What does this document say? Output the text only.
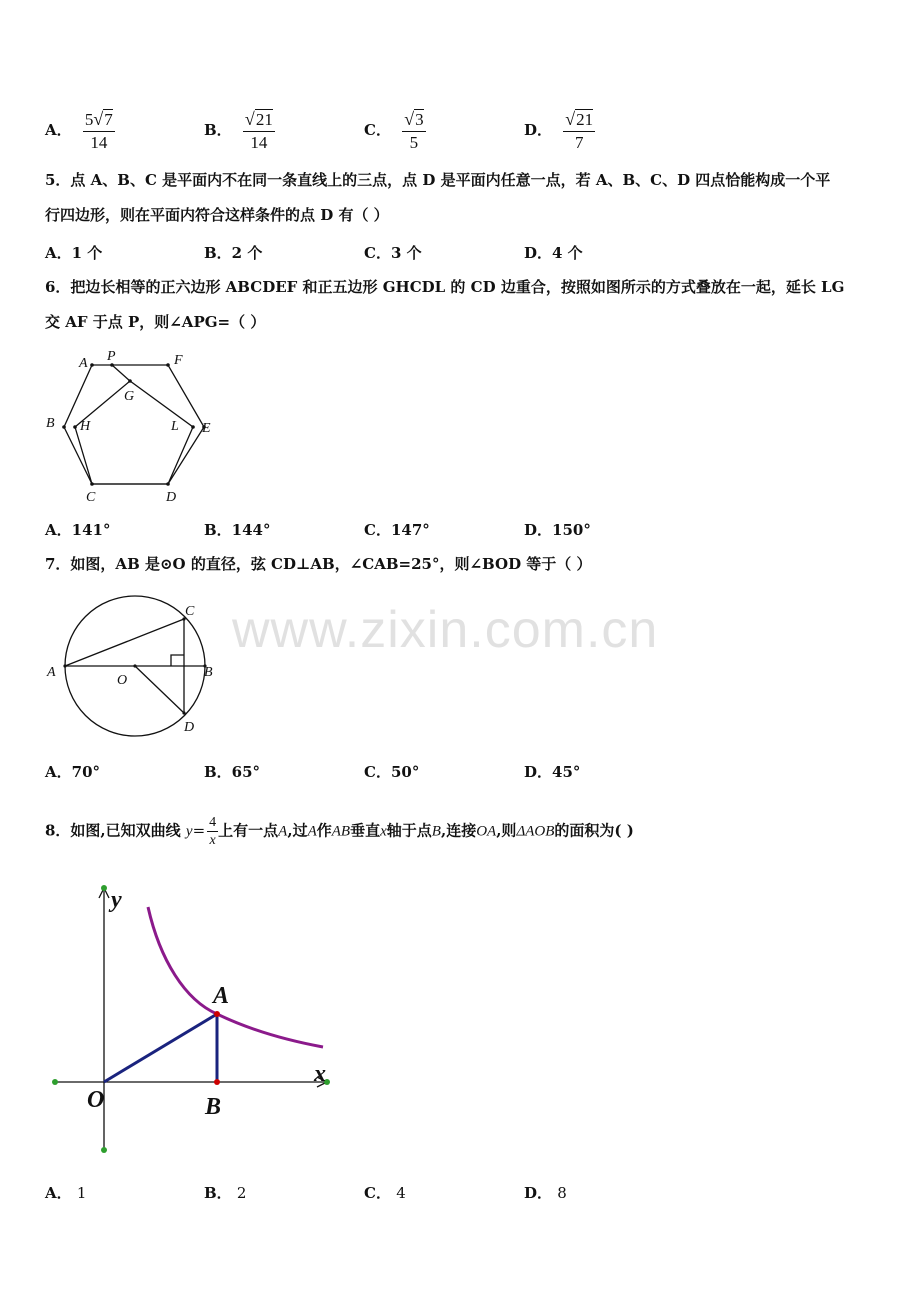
A． $\frac{5√7}{14}$	B． $\frac{√21}{14}$	C． $\frac{√3}{5}$	D． $\frac{√21}{7}$
5．点 A、B、C 是平面内不在同一条直线上的三点，点 D 是平面内任意一点，若 A、B、C、D 四点恰能构成一个平
行四边形，则在平面内符合这样条件的点 D 有（ ）
A．1 个	B．2 个	C．3 个	D．4 个
6．把边长相等的正六边形 ABCDEF 和正五边形 GHCDL 的 CD 边重合，按照如图所示的方式叠放在一起，延长 LG
交 AF 于点 P，则∠APG=（ ）
A P	F
G
B H	L E
C	D
A．141°	B．144°	C．147°	D．150°
7．如图，AB 是⊙O 的直径，弦 CD⊥AB，∠CAB=25°，则∠BOD 等于（ ）
C
A
O
B
D
www.zixin.com.cn
A．70°	B．65°	C．50°	D．45°
8．如图,已知双曲线 $y= \frac{4}{x}$ 上有一点A,过A作AB垂直x轴于点B,连接OA,则ΔAOB的面积为( )
y
x
A
O	B
A． 1	B． 2	C． 4	D． 8
